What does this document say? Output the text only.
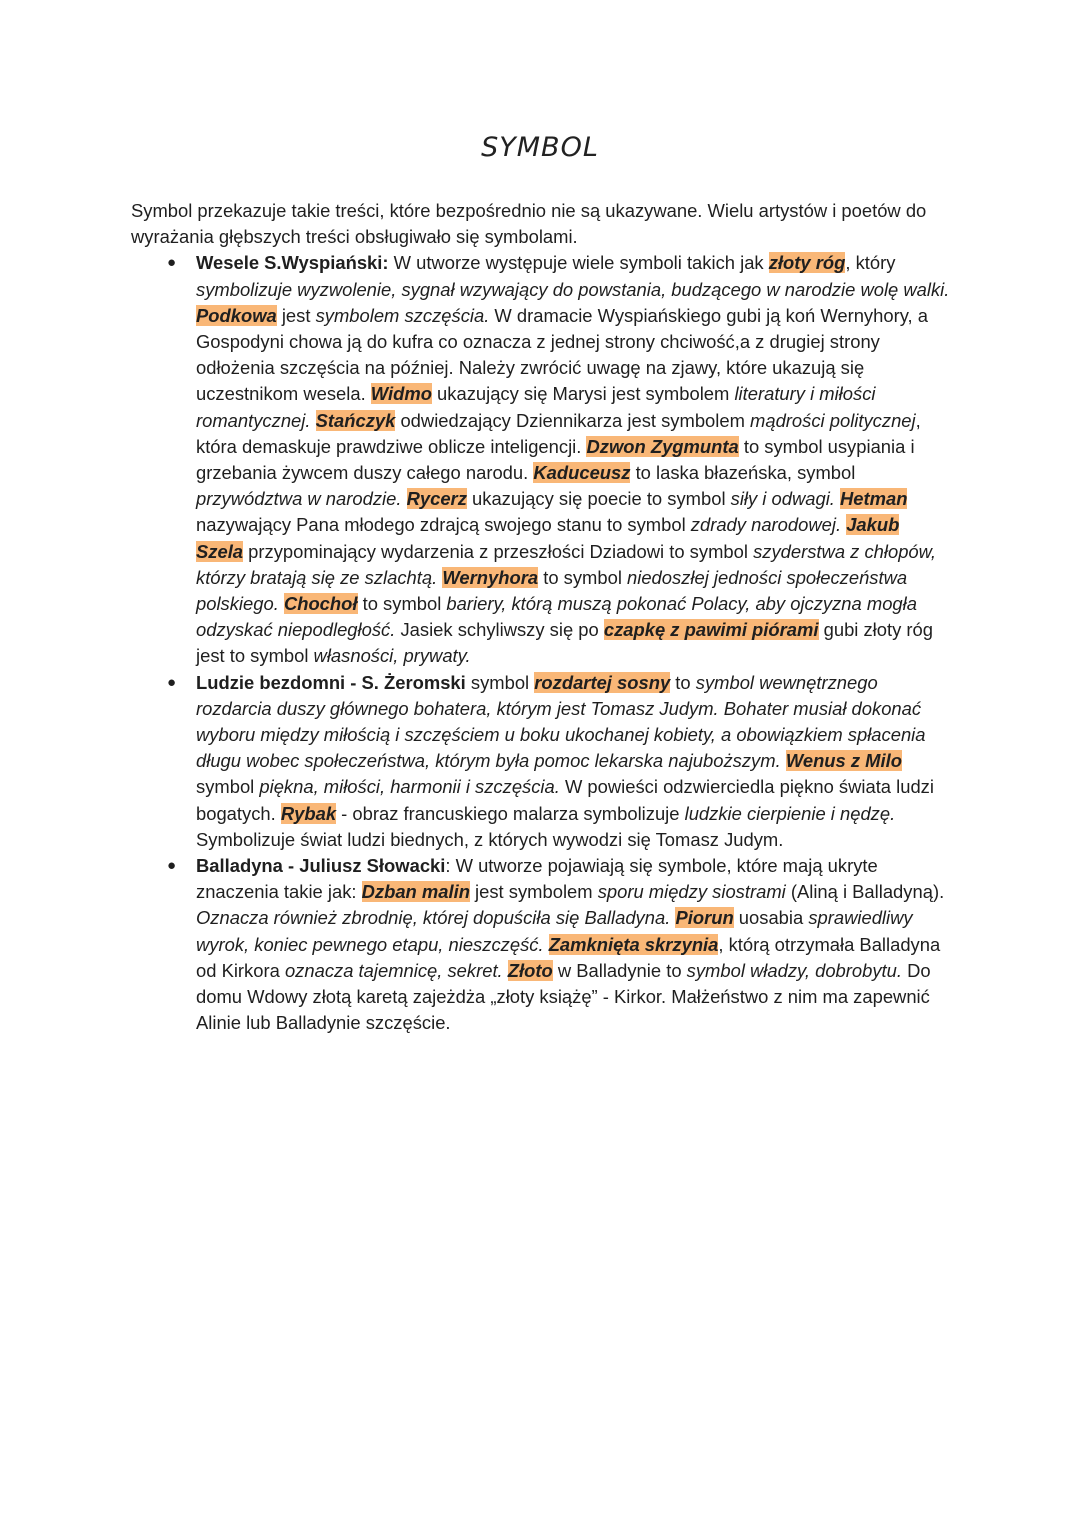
SYMBOL

Symbol przekazuje takie treści, które bezpośrednio nie są ukazywane. Wielu artystów i poetów do wyrażania głębszych treści obsługiwało się symbolami.

● Wesele S.Wyspiański: W utworze występuje wiele symboli takich jak złoty róg, który symbolizuje wyzwolenie, sygnał wzywający do powstania, budzącego w narodzie wolę walki. Podkowa jest symbolem szczęścia. W dramacie Wyspiańskiego gubi ją koń Wernyhory, a Gospodyni chowa ją do kufra co oznacza z jednej strony chciwość,a z drugiej strony odłożenia szczęścia na później. Należy zwrócić uwagę na zjawy, które ukazują się uczestnikom wesela. Widmo ukazujący się Marysi jest symbolem literatury i miłości romantycznej. Stańczyk odwiedzający Dziennikarza jest symbolem mądrości politycznej, która demaskuje prawdziwe oblicze inteligencji. Dzwon Zygmunta to symbol usypiania i grzebania żywcem duszy całego narodu. Kaduceusz to laska błazeńska, symbol przywództwa w narodzie. Rycerz ukazujący się poecie to symbol siły i odwagi. Hetman nazywający Pana młodego zdrajcą swojego stanu to symbol zdrady narodowej. Jakub Szela przypominający wydarzenia z przeszłości Dziadowi to symbol szyderstwa z chłopów, którzy bratają się ze szlachtą. Wernyhora to symbol niedoszłej jedności społeczeństwa polskiego. Chochoł to symbol bariery, którą muszą pokonać Polacy, aby ojczyzna mogła odzyskać niepodległość. Jasiek schyliwszy się po czapkę z pawimi piórami gubi złoty róg jest to symbol własności, prywaty.
● Ludzie bezdomni - S. Żeromski symbol rozdartej sosny to symbol wewnętrznego rozdarcia duszy głównego bohatera, którym jest Tomasz Judym. Bohater musiał dokonać wyboru między miłością i szczęściem u boku ukochanej kobiety, a obowiązkiem spłacenia długu wobec społeczeństwa, którym była pomoc lekarska najuboższym. Wenus z Milo symbol piękna, miłości, harmonii i szczęścia. W powieści odzwierciedla piękno świata ludzi bogatych. Rybak - obraz francuskiego malarza symbolizuje ludzkie cierpienie i nędzę. Symbolizuje świat ludzi biednych, z których wywodzi się Tomasz Judym.
● Balladyna - Juliusz Słowacki: W utworze pojawiają się symbole, które mają ukryte znaczenia takie jak: Dzban malin jest symbolem sporu między siostrami (Aliną i Balladyną). Oznacza również zbrodnię, której dopuściła się Balladyna. Piorun uosabia sprawiedliwy wyrok, koniec pewnego etapu, nieszczęść. Zamknięta skrzynia, którą otrzymała Balladyna od Kirkora oznacza tajemnicę, sekret. Złoto w Balladynie to symbol władzy, dobrobytu. Do domu Wdowy złotą karetą zajeżdża „złoty książę” - Kirkor. Małżeństwo z nim ma zapewnić Alinie lub Balladynie szczęście.
